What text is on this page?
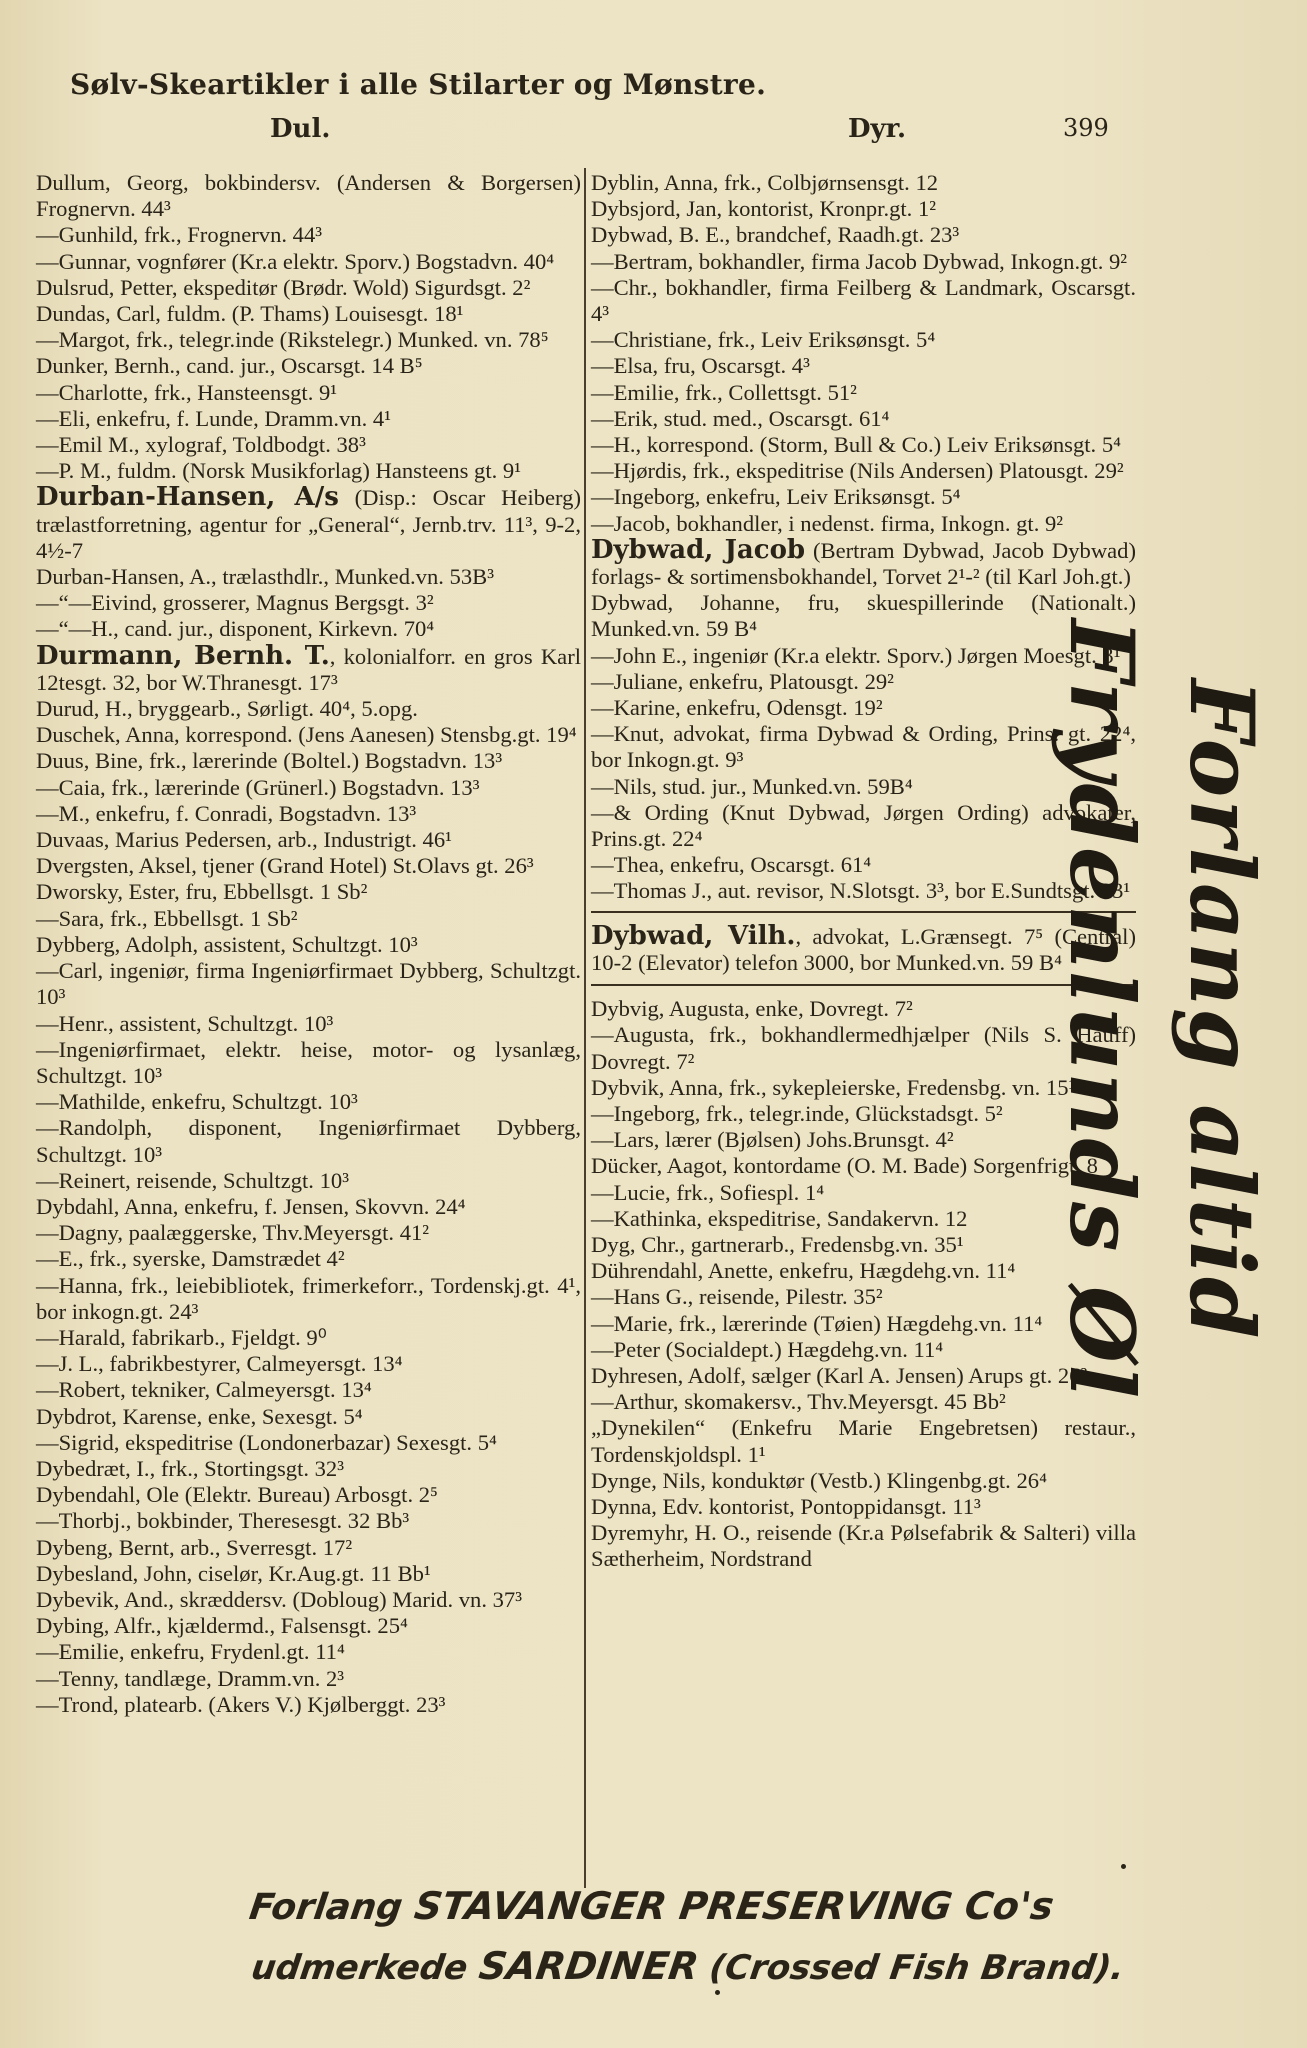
Sølv-Skeartikler i alle Stilarter og Mønstre.
Dul.	Dyr.	399
Dullum, Georg, bokbindersv. (Andersen & Borgersen) Frognervn. 44³
—Gunhild, frk., Frognervn. 44³
—Gunnar, vognfører (Kr.a elektr. Sporv.) Bogstadvn. 40⁴
Dulsrud, Petter, ekspeditør (Brødr. Wold) Sigurdsgt. 2²
Dundas, Carl, fuldm. (P. Thams) Louisesgt. 18¹
—Margot, frk., telegr.inde (Rikstelegr.) Munked. vn. 78⁵
Dunker, Bernh., cand. jur., Oscarsgt. 14 B⁵
—Charlotte, frk., Hansteensgt. 9¹
—Eli, enkefru, f. Lunde, Dramm.vn. 4¹
—Emil M., xylograf, Toldbodgt. 38³
—P. M., fuldm. (Norsk Musikforlag) Hansteens gt. 9¹
Durban-Hansen, A/s (Disp.: Oscar Heiberg) trælastforretning, agentur for „General“, Jernb.trv. 11³, 9-2, 4½-7
Durban-Hansen, A., trælasthdlr., Munked.vn. 53B³
—“—Eivind, grosserer, Magnus Bergsgt. 3²
—“—H., cand. jur., disponent, Kirkevn. 70⁴
Durmann, Bernh. T., kolonialforr. en gros Karl 12tesgt. 32, bor W.Thranesgt. 17³
Durud, H., bryggearb., Sørligt. 40⁴, 5.opg.
Duschek, Anna, korrespond. (Jens Aanesen) Stensbg.gt. 19⁴
Duus, Bine, frk., lærerinde (Boltel.) Bogstadvn. 13³
—Caia, frk., lærerinde (Grünerl.) Bogstadvn. 13³
—M., enkefru, f. Conradi, Bogstadvn. 13³
Duvaas, Marius Pedersen, arb., Industrigt. 46¹
Dvergsten, Aksel, tjener (Grand Hotel) St.Olavs gt. 26³
Dworsky, Ester, fru, Ebbellsgt. 1 Sb²
—Sara, frk., Ebbellsgt. 1 Sb²
Dybberg, Adolph, assistent, Schultzgt. 10³
—Carl, ingeniør, firma Ingeniørfirmaet Dybberg, Schultzgt. 10³
—Henr., assistent, Schultzgt. 10³
—Ingeniørfirmaet, elektr. heise, motor- og lysanlæg, Schultzgt. 10³
—Mathilde, enkefru, Schultzgt. 10³
—Randolph, disponent, Ingeniørfirmaet Dybberg, Schultzgt. 10³
—Reinert, reisende, Schultzgt. 10³
Dybdahl, Anna, enkefru, f. Jensen, Skovvn. 24⁴
—Dagny, paalæggerske, Thv.Meyersgt. 41²
—E., frk., syerske, Damstrædet 4²
—Hanna, frk., leiebibliotek, frimerkeforr., Tordenskj.gt. 4¹, bor inkogn.gt. 24³
—Harald, fabrikarb., Fjeldgt. 9⁰
—J. L., fabrikbestyrer, Calmeyersgt. 13⁴
—Robert, tekniker, Calmeyersgt. 13⁴
Dybdrot, Karense, enke, Sexesgt. 5⁴
—Sigrid, ekspeditrise (Londonerbazar) Sexesgt. 5⁴
Dybedræt, I., frk., Stortingsgt. 32³
Dybendahl, Ole (Elektr. Bureau) Arbosgt. 2⁵
—Thorbj., bokbinder, Theresesgt. 32 Bb³
Dybeng, Bernt, arb., Sverresgt. 17²
Dybesland, John, ciselør, Kr.Aug.gt. 11 Bb¹
Dybevik, And., skræddersv. (Dobloug) Marid. vn. 37³
Dybing, Alfr., kjældermd., Falsensgt. 25⁴
—Emilie, enkefru, Frydenl.gt. 11⁴
—Tenny, tandlæge, Dramm.vn. 2³
—Trond, platearb. (Akers V.) Kjølberggt. 23³
Dyblin, Anna, frk., Colbjørnsensgt. 12
Dybsjord, Jan, kontorist, Kronpr.gt. 1²
Dybwad, B. E., brandchef, Raadh.gt. 23³
—Bertram, bokhandler, firma Jacob Dybwad, Inkogn.gt. 9²
—Chr., bokhandler, firma Feilberg & Landmark, Oscarsgt. 4³
—Christiane, frk., Leiv Eriksønsgt. 5⁴
—Elsa, fru, Oscarsgt. 4³
—Emilie, frk., Collettsgt. 51²
—Erik, stud. med., Oscarsgt. 61⁴
—H., korrespond. (Storm, Bull & Co.) Leiv Eriksønsgt. 5⁴
—Hjørdis, frk., ekspeditrise (Nils Andersen) Platousgt. 29²
—Ingeborg, enkefru, Leiv Eriksønsgt. 5⁴
—Jacob, bokhandler, i nedenst. firma, Inkogn. gt. 9²
Dybwad, Jacob (Bertram Dybwad, Jacob Dybwad) forlags- & sortimensbokhandel, Torvet 2¹-² (til Karl Joh.gt.)
Dybwad, Johanne, fru, skuespillerinde (Nationalt.) Munked.vn. 59 B⁴
—John E., ingeniør (Kr.a elektr. Sporv.) Jørgen Moesgt. 3¹
—Juliane, enkefru, Platousgt. 29²
—Karine, enkefru, Odensgt. 19²
—Knut, advokat, firma Dybwad & Ording, Prins. gt. 22⁴, bor Inkogn.gt. 9³
—Nils, stud. jur., Munked.vn. 59B⁴
—& Ording (Knut Dybwad, Jørgen Ording) advokater, Prins.gt. 22⁴
—Thea, enkefru, Oscarsgt. 61⁴
—Thomas J., aut. revisor, N.Slotsgt. 3³, bor E.Sundtsgt. 23¹
Dybwad, Vilh., advokat, L.Grænsegt. 7⁵ (Central) 10-2 (Elevator) telefon 3000, bor Munked.vn. 59 B⁴
Dybvig, Augusta, enke, Dovregt. 7²
—Augusta, frk., bokhandlermedhjælper (Nils S. Hauff) Dovregt. 7²
Dybvik, Anna, frk., sykepleierske, Fredensbg. vn. 15¹
—Ingeborg, frk., telegr.inde, Glückstadsgt. 5²
—Lars, lærer (Bjølsen) Johs.Brunsgt. 4²
Dücker, Aagot, kontordame (O. M. Bade) Sorgenfrigt. 8
—Lucie, frk., Sofiespl. 1⁴
—Kathinka, ekspeditrise, Sandakervn. 12
Dyg, Chr., gartnerarb., Fredensbg.vn. 35¹
Dührendahl, Anette, enkefru, Hægdehg.vn. 11⁴
—Hans G., reisende, Pilestr. 35²
—Marie, frk., lærerinde (Tøien) Hægdehg.vn. 11⁴
—Peter (Socialdept.) Hægdehg.vn. 11⁴
Dyhresen, Adolf, sælger (Karl A. Jensen) Arups gt. 26²
—Arthur, skomakersv., Thv.Meyersgt. 45 Bb²
„Dynekilen“ (Enkefru Marie Engebretsen) restaur., Tordenskjoldspl. 1¹
Dynge, Nils, konduktør (Vestb.) Klingenbg.gt. 26⁴
Dynna, Edv. kontorist, Pontoppidansgt. 11³
Dyremyhr, H. O., reisende (Kr.a Pølsefabrik & Salteri) villa Sætherheim, Nordstrand
Forlang altid Frydenlunds Øl
Forlang STAVANGER PRESERVING Co's
udmerkede SARDINER (Crossed Fish Brand).
